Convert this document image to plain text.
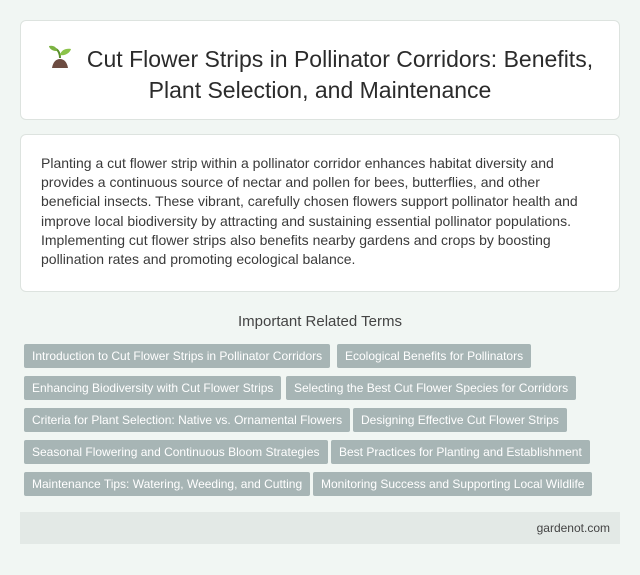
Cut Flower Strips in Pollinator Corridors: Benefits, Plant Selection, and Maintenance

Planting a cut flower strip within a pollinator corridor enhances habitat diversity and provides a continuous source of nectar and pollen for bees, butterflies, and other beneficial insects. These vibrant, carefully chosen flowers support pollinator health and improve local biodiversity by attracting and sustaining essential pollinator populations. Implementing cut flower strips also benefits nearby gardens and crops by boosting pollination rates and promoting ecological balance.

Important Related Terms
Introduction to Cut Flower Strips in Pollinator Corridors	Ecological Benefits for Pollinators
Enhancing Biodiversity with Cut Flower Strips	Selecting the Best Cut Flower Species for Corridors
Criteria for Plant Selection: Native vs. Ornamental Flowers	Designing Effective Cut Flower Strips
Seasonal Flowering and Continuous Bloom Strategies	Best Practices for Planting and Establishment
Maintenance Tips: Watering, Weeding, and Cutting	Monitoring Success and Supporting Local Wildlife
gardenot.com
